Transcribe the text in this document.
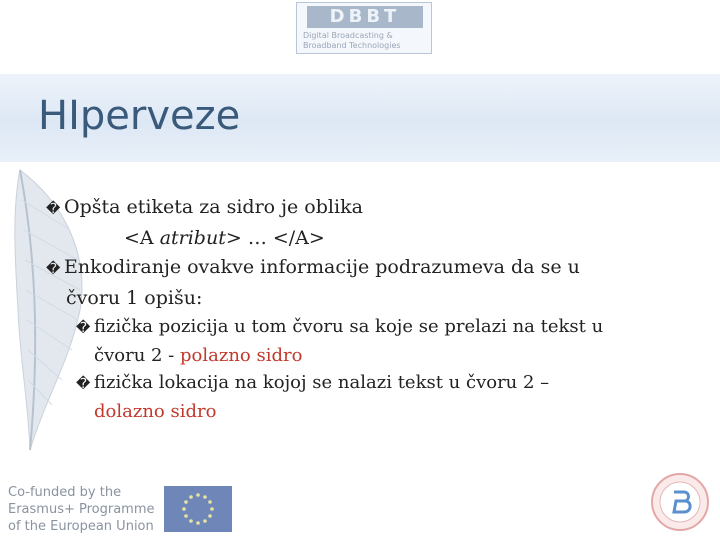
DBBT
Digital Broadcasting &
Broadband Technologies
HIperveze
� Opšta etiketa za sidro je oblika
<A atribut> … </A>
� Enkodiranje ovakve informacije podrazumeva da se u
čvoru 1 opišu:
� fizička pozicija u tom čvoru sa koje se prelazi na tekst u
čvoru 2 - polazno sidro
� fizička lokacija na kojoj se nalazi tekst u čvoru 2 –
dolazno sidro
Co-funded by the
Erasmus+ Programme
of the European Union
